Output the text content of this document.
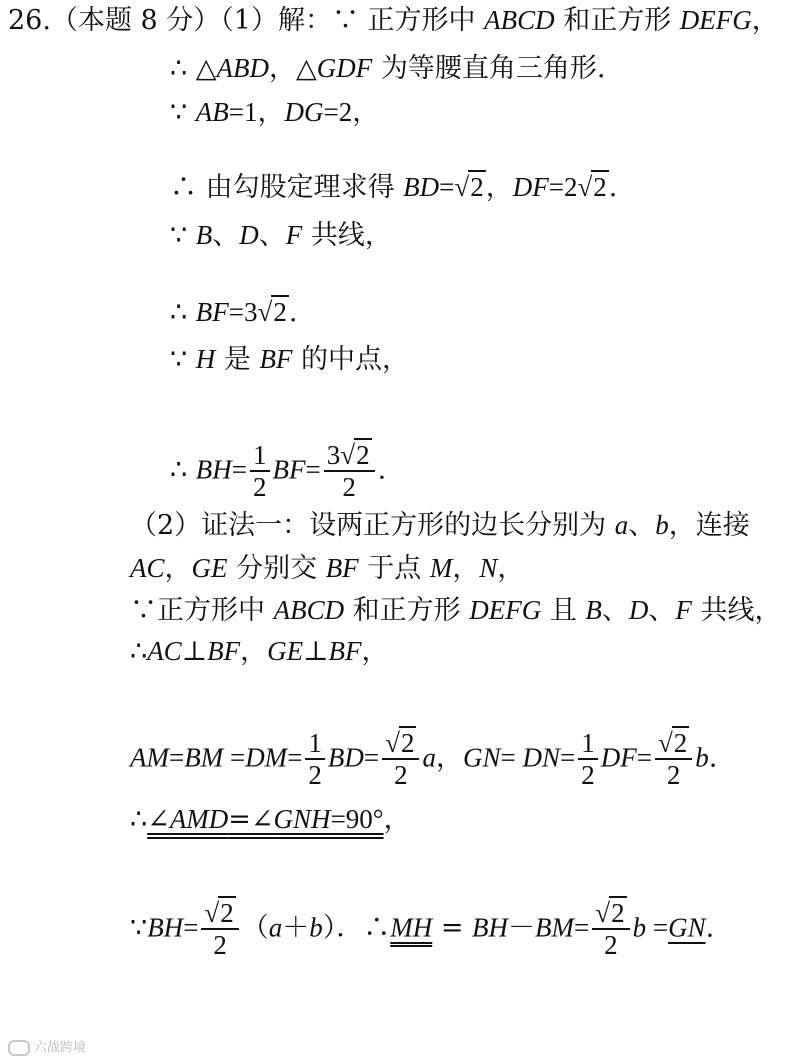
26.（本题 8 分）（1）解：∵ 正方形中 ABCD 和正方形 DEFG，
∴ △ABD，△GDF 为等腰直角三角形.
∵ AB=1，DG=2，
∴ 由勾股定理求得 BD=√2，DF=2√2.
∵ B、D、F 共线，
∴ BF=3√2.
∵ H 是 BF 的中点，
∴ $BH= \frac{1}{2} BF= \frac{3√2}{2}$ .
（2）证法一：设两正方形的边长分别为 a、b，连接
AC，GE 分别交 BF 于点 M，N，
∵正方形中 ABCD 和正方形 DEFG 且 B、D、F 共线，
∴AC⊥BF，GE⊥BF，
$AM=BM =DM= \frac{1}{2} BD= \frac{√2}{2}$ a，$GN= DN= \frac{1}{2} DF= \frac{√2}{2} b$.
∴∠AMD=∠GNH=90°，
∵BH= $\frac{√2}{2} (a+b)$．∴MH = $BH-BM= \frac{√2}{2}$ b =GN.
六战跨境
